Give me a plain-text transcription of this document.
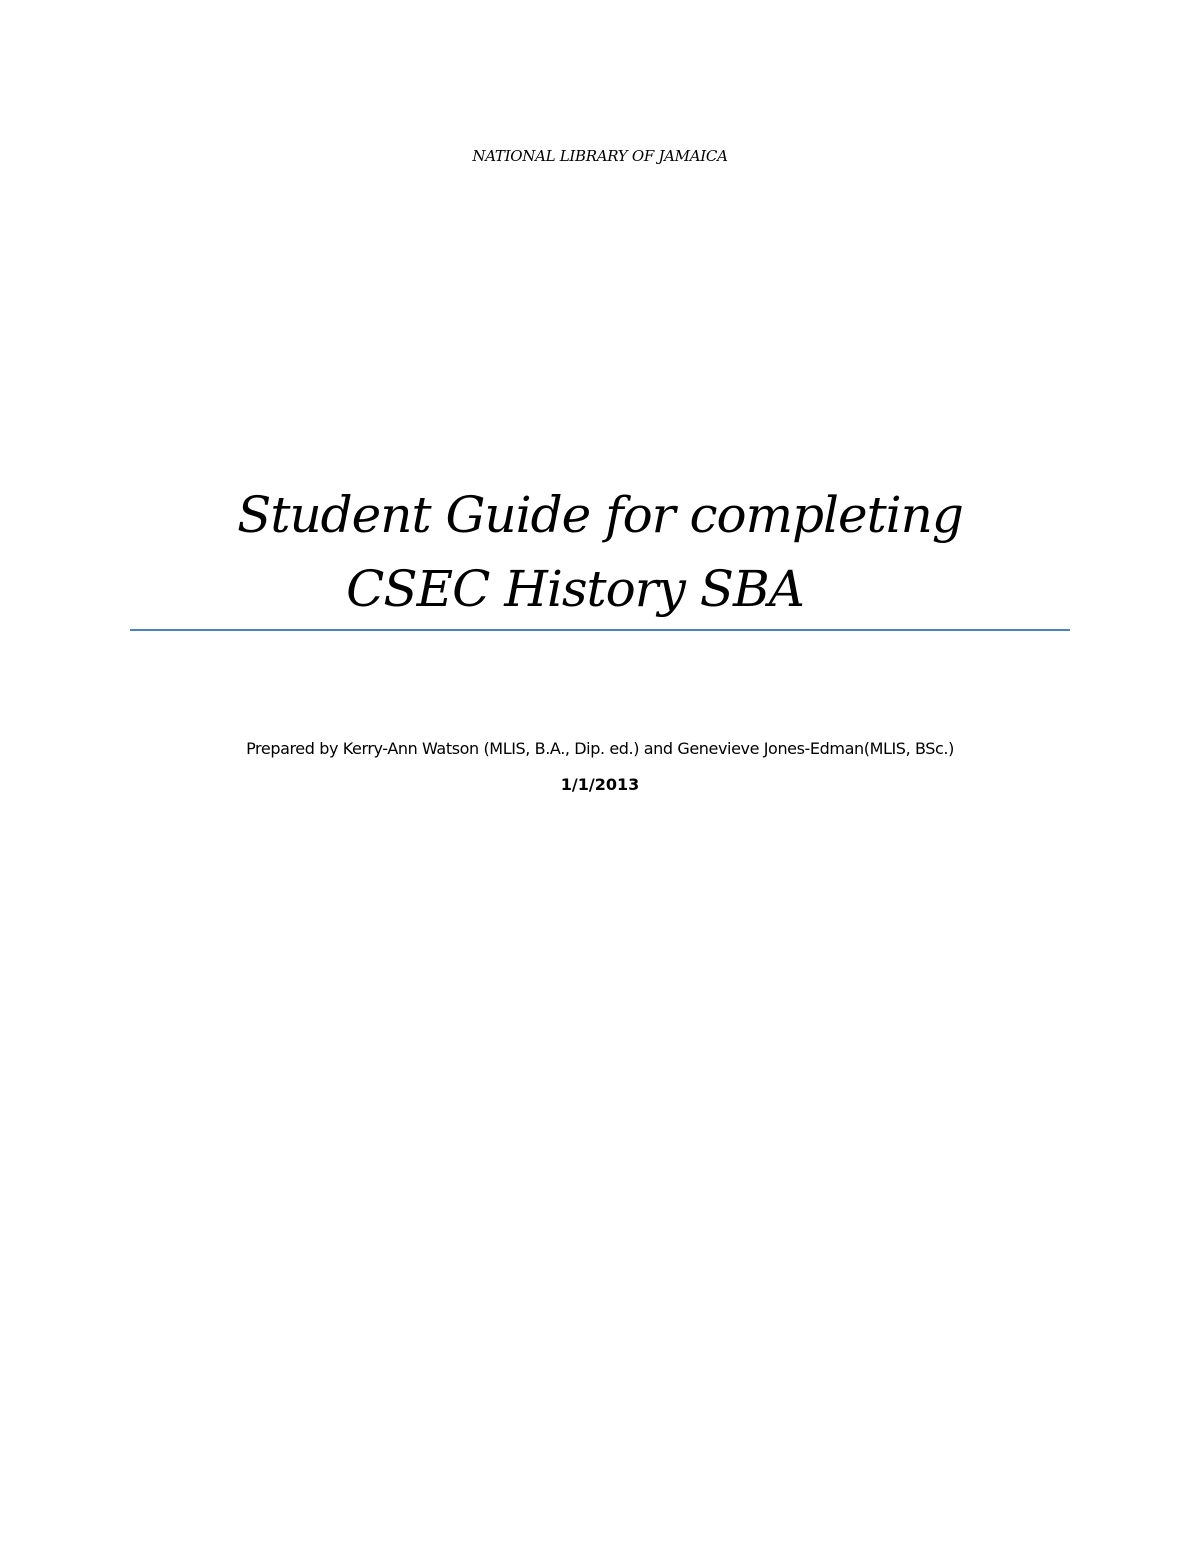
NATIONAL LIBRARY OF JAMAICA
Student Guide for completing
CSEC History SBA
Prepared by Kerry-Ann Watson (MLIS, B.A., Dip. ed.) and Genevieve Jones-Edman(MLIS, BSc.)
1/1/2013
